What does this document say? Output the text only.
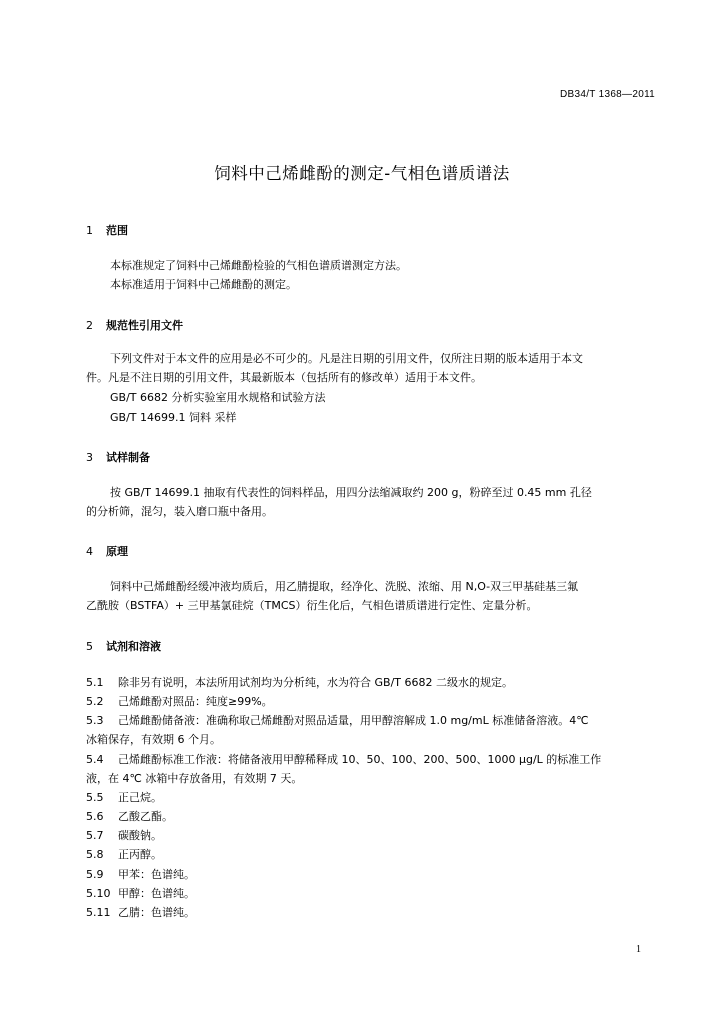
DB34/T 1368—2011
饲料中己烯雌酚的测定-气相色谱质谱法
1 范围
本标准规定了饲料中己烯雌酚检验的气相色谱质谱测定方法。
本标准适用于饲料中己烯雌酚的测定。
2 规范性引用文件
下列文件对于本文件的应用是必不可少的。凡是注日期的引用文件，仅所注日期的版本适用于本文
件。凡是不注日期的引用文件，其最新版本（包括所有的修改单）适用于本文件。
GB/T 6682 分析实验室用水规格和试验方法
GB/T 14699.1 饲料 采样
3 试样制备
按 GB/T 14699.1 抽取有代表性的饲料样品，用四分法缩减取约 200 g，粉碎至过 0.45 mm 孔径
的分析筛，混匀，装入磨口瓶中备用。
4 原理
饲料中己烯雌酚经缓冲液均质后，用乙腈提取，经净化、洗脱、浓缩、用 N,O-双三甲基硅基三氟
乙酰胺（BSTFA）+ 三甲基氯硅烷（TMCS）衍生化后，气相色谱质谱进行定性、定量分析。
5 试剂和溶液
5.1 除非另有说明，本法所用试剂均为分析纯，水为符合 GB/T 6682 二级水的规定。
5.2 己烯雌酚对照品：纯度≥99%。
5.3 己烯雌酚储备液：准确称取己烯雌酚对照品适量，用甲醇溶解成 1.0 mg/mL 标准储备溶液。4℃
冰箱保存，有效期 6 个月。
5.4 己烯雌酚标准工作液：将储备液用甲醇稀释成 10、50、100、200、500、1000 μg/L 的标准工作
液，在 4℃ 冰箱中存放备用，有效期 7 天。
5.5 正己烷。
5.6 乙酸乙酯。
5.7 碳酸钠。
5.8 正丙醇。
5.9 甲苯：色谱纯。
5.10 甲醇：色谱纯。
5.11 乙腈：色谱纯。
1
